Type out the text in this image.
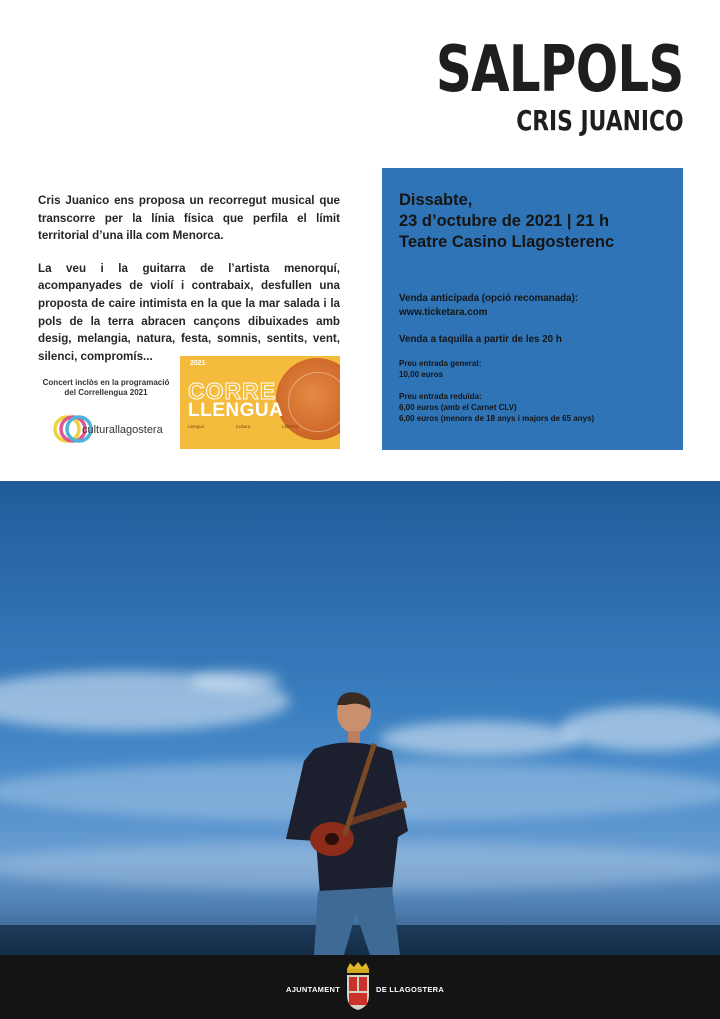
SALPOLS
CRIS JUANICO

Cris Juanico ens proposa un recorregut musical que transcorre per la línia física que perfila el límit territorial d’una illa com Menorca.

La veu i la guitarra de l’artista menorquí, acompanyades de violí i contrabaix, desfullen una proposta de caire intimista en la que la mar salada i la pols de la terra abracen cançons dibuixades amb desig, melangia, natura, festa, somnis, sentits, vent, silenci, compromís...

Concert inclòs en la programació
del Correllengua 2021
culturallagostera
2021
CORRE
LLENGUA
Llengua	Cultura	Llibertat
Dissabte,
23 d’octubre de 2021 | 21 h
Teatre Casino Llagosterenc
Venda anticipada (opció recomanada):
www.ticketara.com
Venda a taquilla a partir de les 20 h
Preu entrada general:
10,00 euros
Preu entrada reduïda:
6,00 euros (amb el Carnet CLV)
6,00 euros (menors de 18 anys i majors de 65 anys)
AJUNTAMENT	DE LLAGOSTERA
